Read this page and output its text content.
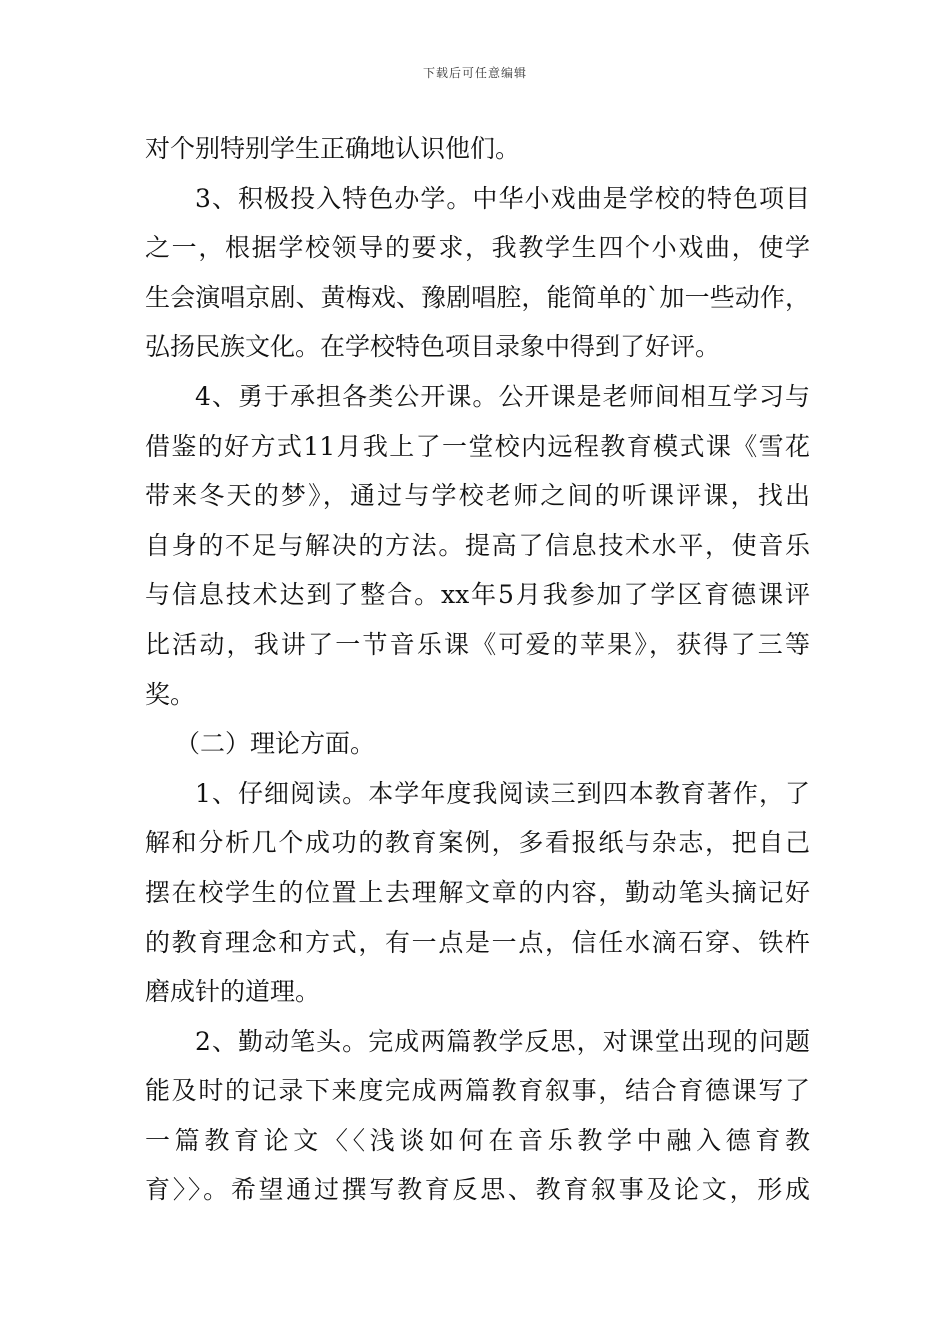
下载后可任意编辑
对个别特别学生正确地认识他们。
3、积极投入特色办学。中华小戏曲是学校的特色项目
之一，根据学校领导的要求，我教学生四个小戏曲，使学
生会演唱京剧、黄梅戏、豫剧唱腔，能简单的`加一些动作，
弘扬民族文化。在学校特色项目录象中得到了好评。
4、勇于承担各类公开课。公开课是老师间相互学习与
借鉴的好方式11月我上了一堂校内远程教育模式课《雪花
带来冬天的梦》，通过与学校老师之间的听课评课，找出
自身的不足与解决的方法。提高了信息技术水平，使音乐
与信息技术达到了整合。xx年5月我参加了学区育德课评
比活动，我讲了一节音乐课《可爱的苹果》，获得了三等
奖。
（二）理论方面。
1、仔细阅读。本学年度我阅读三到四本教育著作，了
解和分析几个成功的教育案例，多看报纸与杂志，把自己
摆在校学生的位置上去理解文章的内容，勤动笔头摘记好
的教育理念和方式，有一点是一点，信任水滴石穿、铁杵
磨成针的道理。
2、勤动笔头。完成两篇教学反思，对课堂出现的问题
能及时的记录下来度完成两篇教育叙事，结合育德课写了
一篇教育论文〈〈浅谈如何在音乐教学中融入德育教
育〉〉。希望通过撰写教育反思、教育叙事及论文，形成
